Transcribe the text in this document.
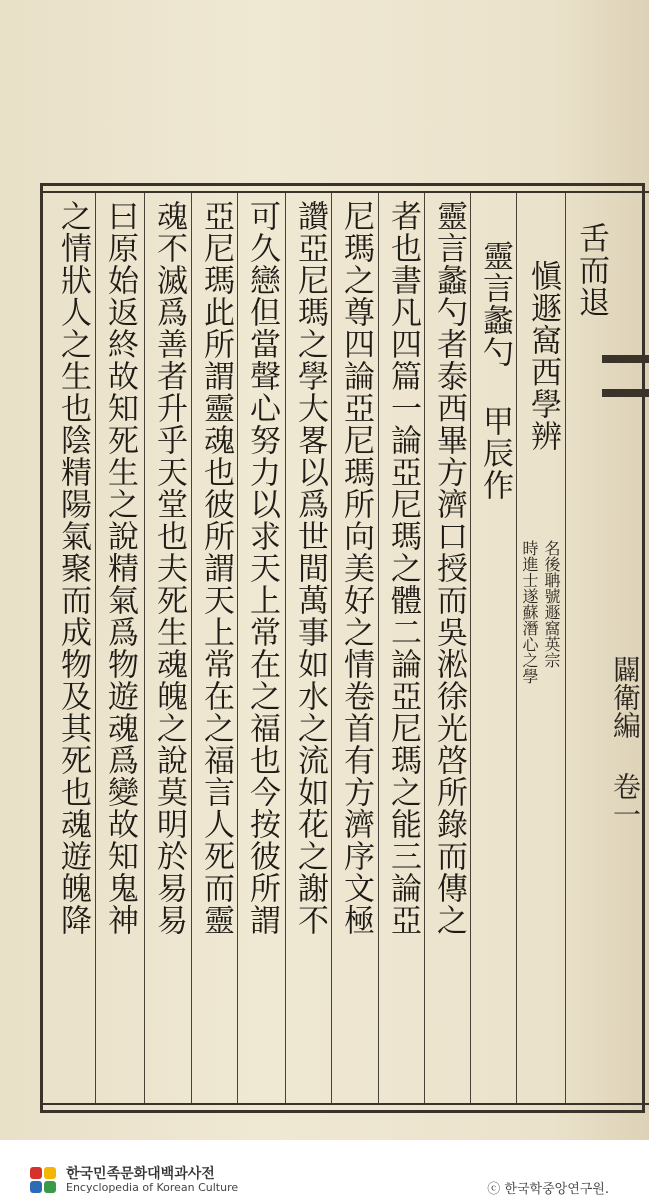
舌而退
愼遯窩西學辨
名後聃號遯窩英宗
時進士遂蘇潛心之學
靈言蠡勺 甲辰作
靈言蠡勺者泰西畢方濟口授而吳淞徐光啓所錄而傳之
者也書凡四篇一論亞尼瑪之體二論亞尼瑪之能三論亞
尼瑪之尊四論亞尼瑪所向美好之情卷首有方濟序文極
讚亞尼瑪之學大畧以爲世間萬事如水之流如花之謝不
可久戀但當聲心努力以求天上常在之福也今按彼所謂
亞尼瑪此所謂靈魂也彼所謂天上常在之福言人死而靈
魂不滅爲善者升乎天堂也夫死生魂魄之說莫明於易易
曰原始返終故知死生之說精氣爲物遊魂爲變故知鬼神
之情狀人之生也陰精陽氣聚而成物及其死也魂遊魄降	闢衛編 卷一
한국민족문화대백과사전
Encyclopedia of Korean Culture	ⓒ 한국학중앙연구원.
